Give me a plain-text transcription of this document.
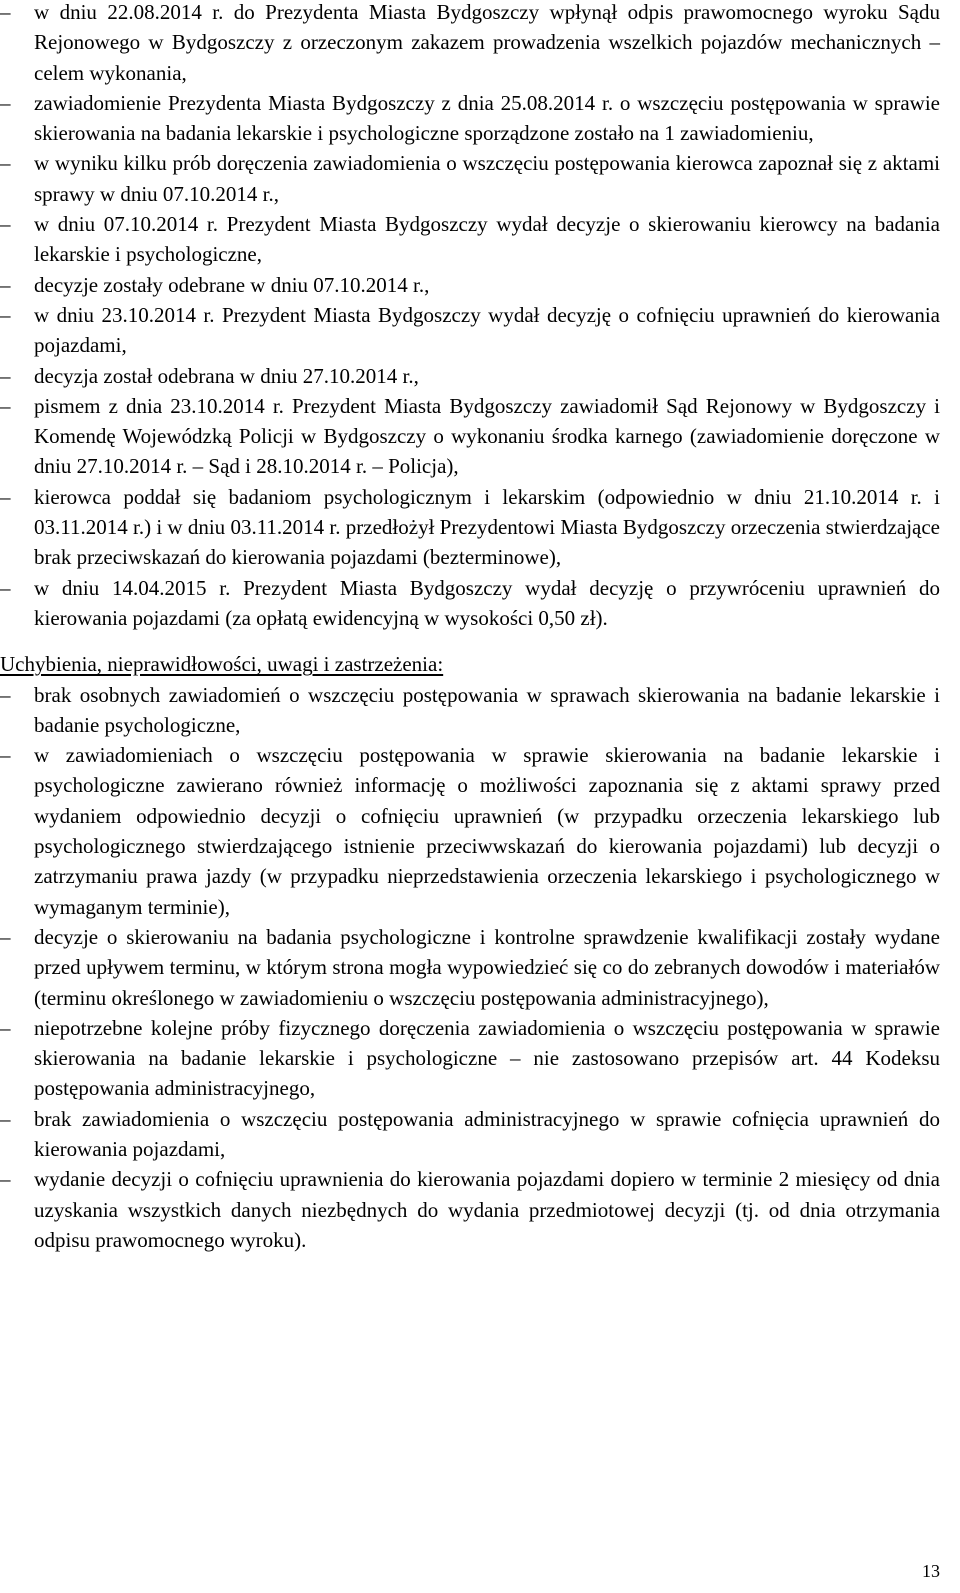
–	w dniu 22.08.2014 r. do Prezydenta Miasta Bydgoszczy wpłynął odpis prawomocnego wyroku Sądu Rejonowego w Bydgoszczy z orzeczonym zakazem prowadzenia wszelkich pojazdów mechanicznych – celem wykonania,
–	zawiadomienie Prezydenta Miasta Bydgoszczy z dnia 25.08.2014 r. o wszczęciu postępowania w sprawie skierowania na badania lekarskie i psychologiczne sporządzone zostało na 1 zawiadomieniu,
–	w wyniku kilku prób doręczenia zawiadomienia o wszczęciu postępowania kierowca zapoznał się z aktami sprawy w dniu 07.10.2014 r.,
–	w dniu 07.10.2014 r. Prezydent Miasta Bydgoszczy wydał decyzje o skierowaniu kierowcy na badania lekarskie i psychologiczne,
–	decyzje zostały odebrane w dniu 07.10.2014 r.,
–	w dniu 23.10.2014 r. Prezydent Miasta Bydgoszczy wydał decyzję o cofnięciu uprawnień do kierowania pojazdami,
–	decyzja został odebrana w dniu 27.10.2014 r.,
–	pismem z dnia 23.10.2014 r. Prezydent Miasta Bydgoszczy zawiadomił Sąd Rejonowy w Bydgoszczy i Komendę Wojewódzką Policji w Bydgoszczy o wykonaniu środka karnego (zawiadomienie doręczone w dniu 27.10.2014 r. – Sąd i 28.10.2014 r. – Policja),
–	kierowca poddał się badaniom psychologicznym i lekarskim (odpowiednio w dniu 21.10.2014 r. i 03.11.2014 r.) i w dniu 03.11.2014 r. przedłożył Prezydentowi Miasta Bydgoszczy orzeczenia stwierdzające brak przeciwskazań do kierowania pojazdami (bezterminowe),
–	w dniu 14.04.2015 r. Prezydent Miasta Bydgoszczy wydał decyzję o przywróceniu uprawnień do kierowania pojazdami (za opłatą ewidencyjną w wysokości 0,50 zł).
Uchybienia, nieprawidłowości, uwagi i zastrzeżenia:
–	brak osobnych zawiadomień o wszczęciu postępowania w sprawach skierowania na badanie lekarskie i badanie psychologiczne,
–	w zawiadomieniach o wszczęciu postępowania w sprawie skierowania na badanie lekarskie i psychologiczne zawierano również informację o możliwości zapoznania się z aktami sprawy przed wydaniem odpowiednio decyzji o cofnięciu uprawnień (w przypadku orzeczenia lekarskiego lub psychologicznego stwierdzającego istnienie przeciwwskazań do kierowania pojazdami) lub decyzji o zatrzymaniu prawa jazdy (w przypadku nieprzedstawienia orzeczenia lekarskiego i psychologicznego w wymaganym terminie),
–	decyzje o skierowaniu na badania psychologiczne i kontrolne sprawdzenie kwalifikacji zostały wydane przed upływem terminu, w którym strona mogła wypowiedzieć się co do zebranych dowodów i materiałów (terminu określonego w zawiadomieniu o wszczęciu postępowania administracyjnego),
–	niepotrzebne kolejne próby fizycznego doręczenia zawiadomienia o wszczęciu postępowania w sprawie skierowania na badanie lekarskie i psychologiczne – nie zastosowano przepisów art. 44 Kodeksu postępowania administracyjnego,
–	brak zawiadomienia o wszczęciu postępowania administracyjnego w sprawie cofnięcia uprawnień do kierowania pojazdami,
–	wydanie decyzji o cofnięciu uprawnienia do kierowania pojazdami dopiero w terminie 2 miesięcy od dnia uzyskania wszystkich danych niezbędnych do wydania przedmiotowej decyzji (tj. od dnia otrzymania odpisu prawomocnego wyroku).
13
